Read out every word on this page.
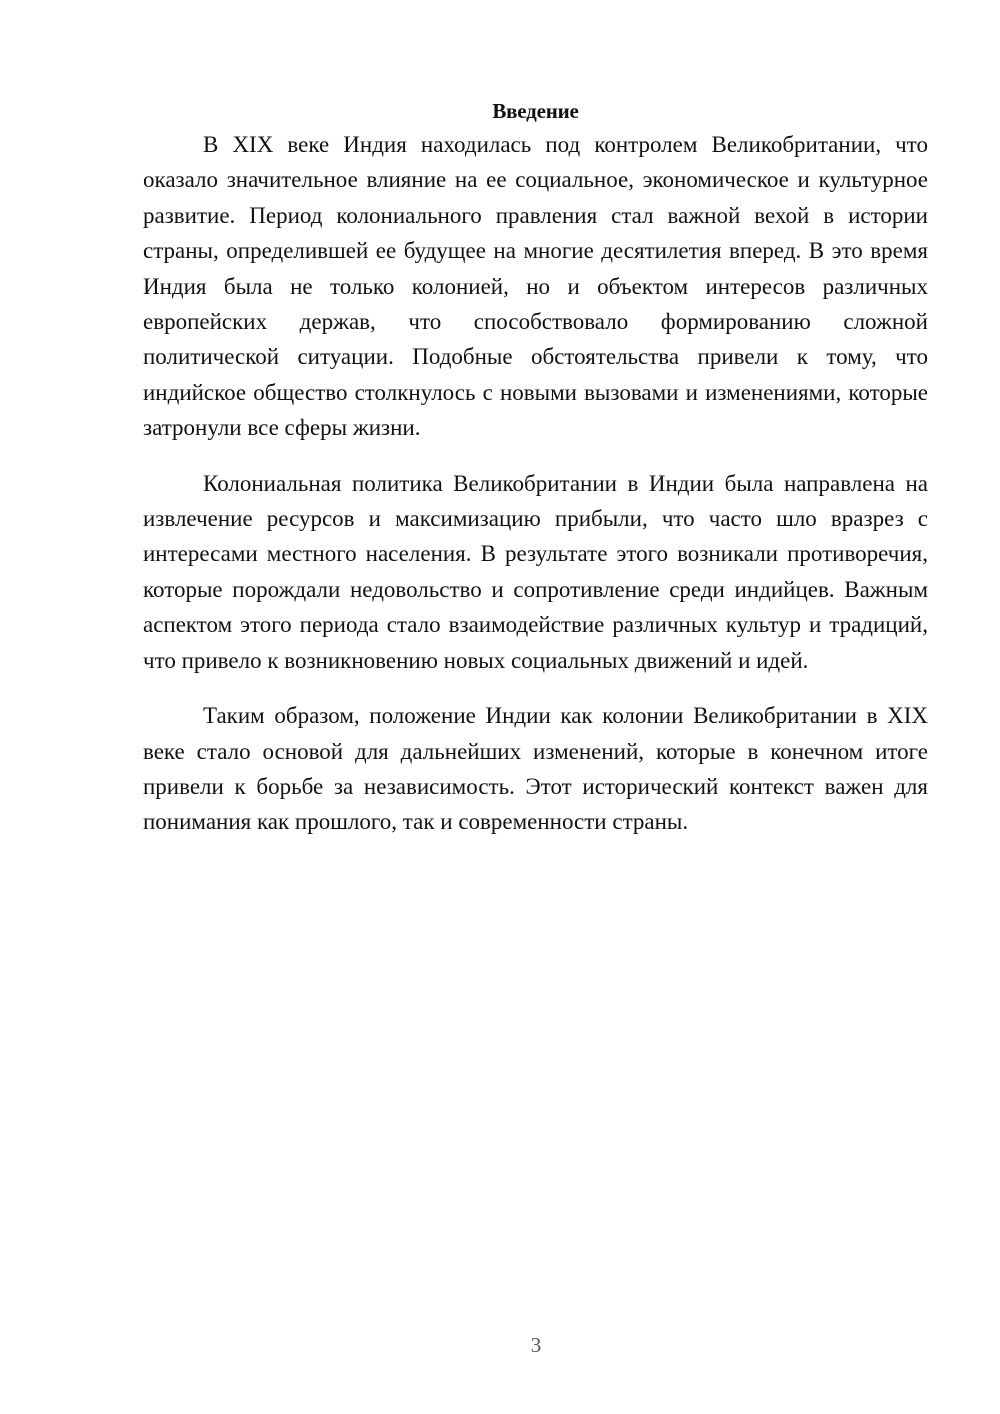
Введение

В XIX веке Индия находилась под контролем Великобритании, что оказало значительное влияние на ее социальное, экономическое и культурное развитие. Период колониального правления стал важной вехой в истории страны, определившей ее будущее на многие десятилетия вперед. В это время Индия была не только колонией, но и объектом интересов различных европейских держав, что способствовало формированию сложной политической ситуации. Подобные обстоятельства привели к тому, что индийское общество столкнулось с новыми вызовами и изменениями, которые затронули все сферы жизни.

Колониальная политика Великобритании в Индии была направлена на извлечение ресурсов и максимизацию прибыли, что часто шло вразрез с интересами местного населения. В результате этого возникали противоречия, которые порождали недовольство и сопротивление среди индийцев. Важным аспектом этого периода стало взаимодействие различных культур и традиций, что привело к возникновению новых социальных движений и идей.

Таким образом, положение Индии как колонии Великобритании в XIX веке стало основой для дальнейших изменений, которые в конечном итоге привели к борьбе за независимость. Этот исторический контекст важен для понимания как прошлого, так и современности страны.

3
